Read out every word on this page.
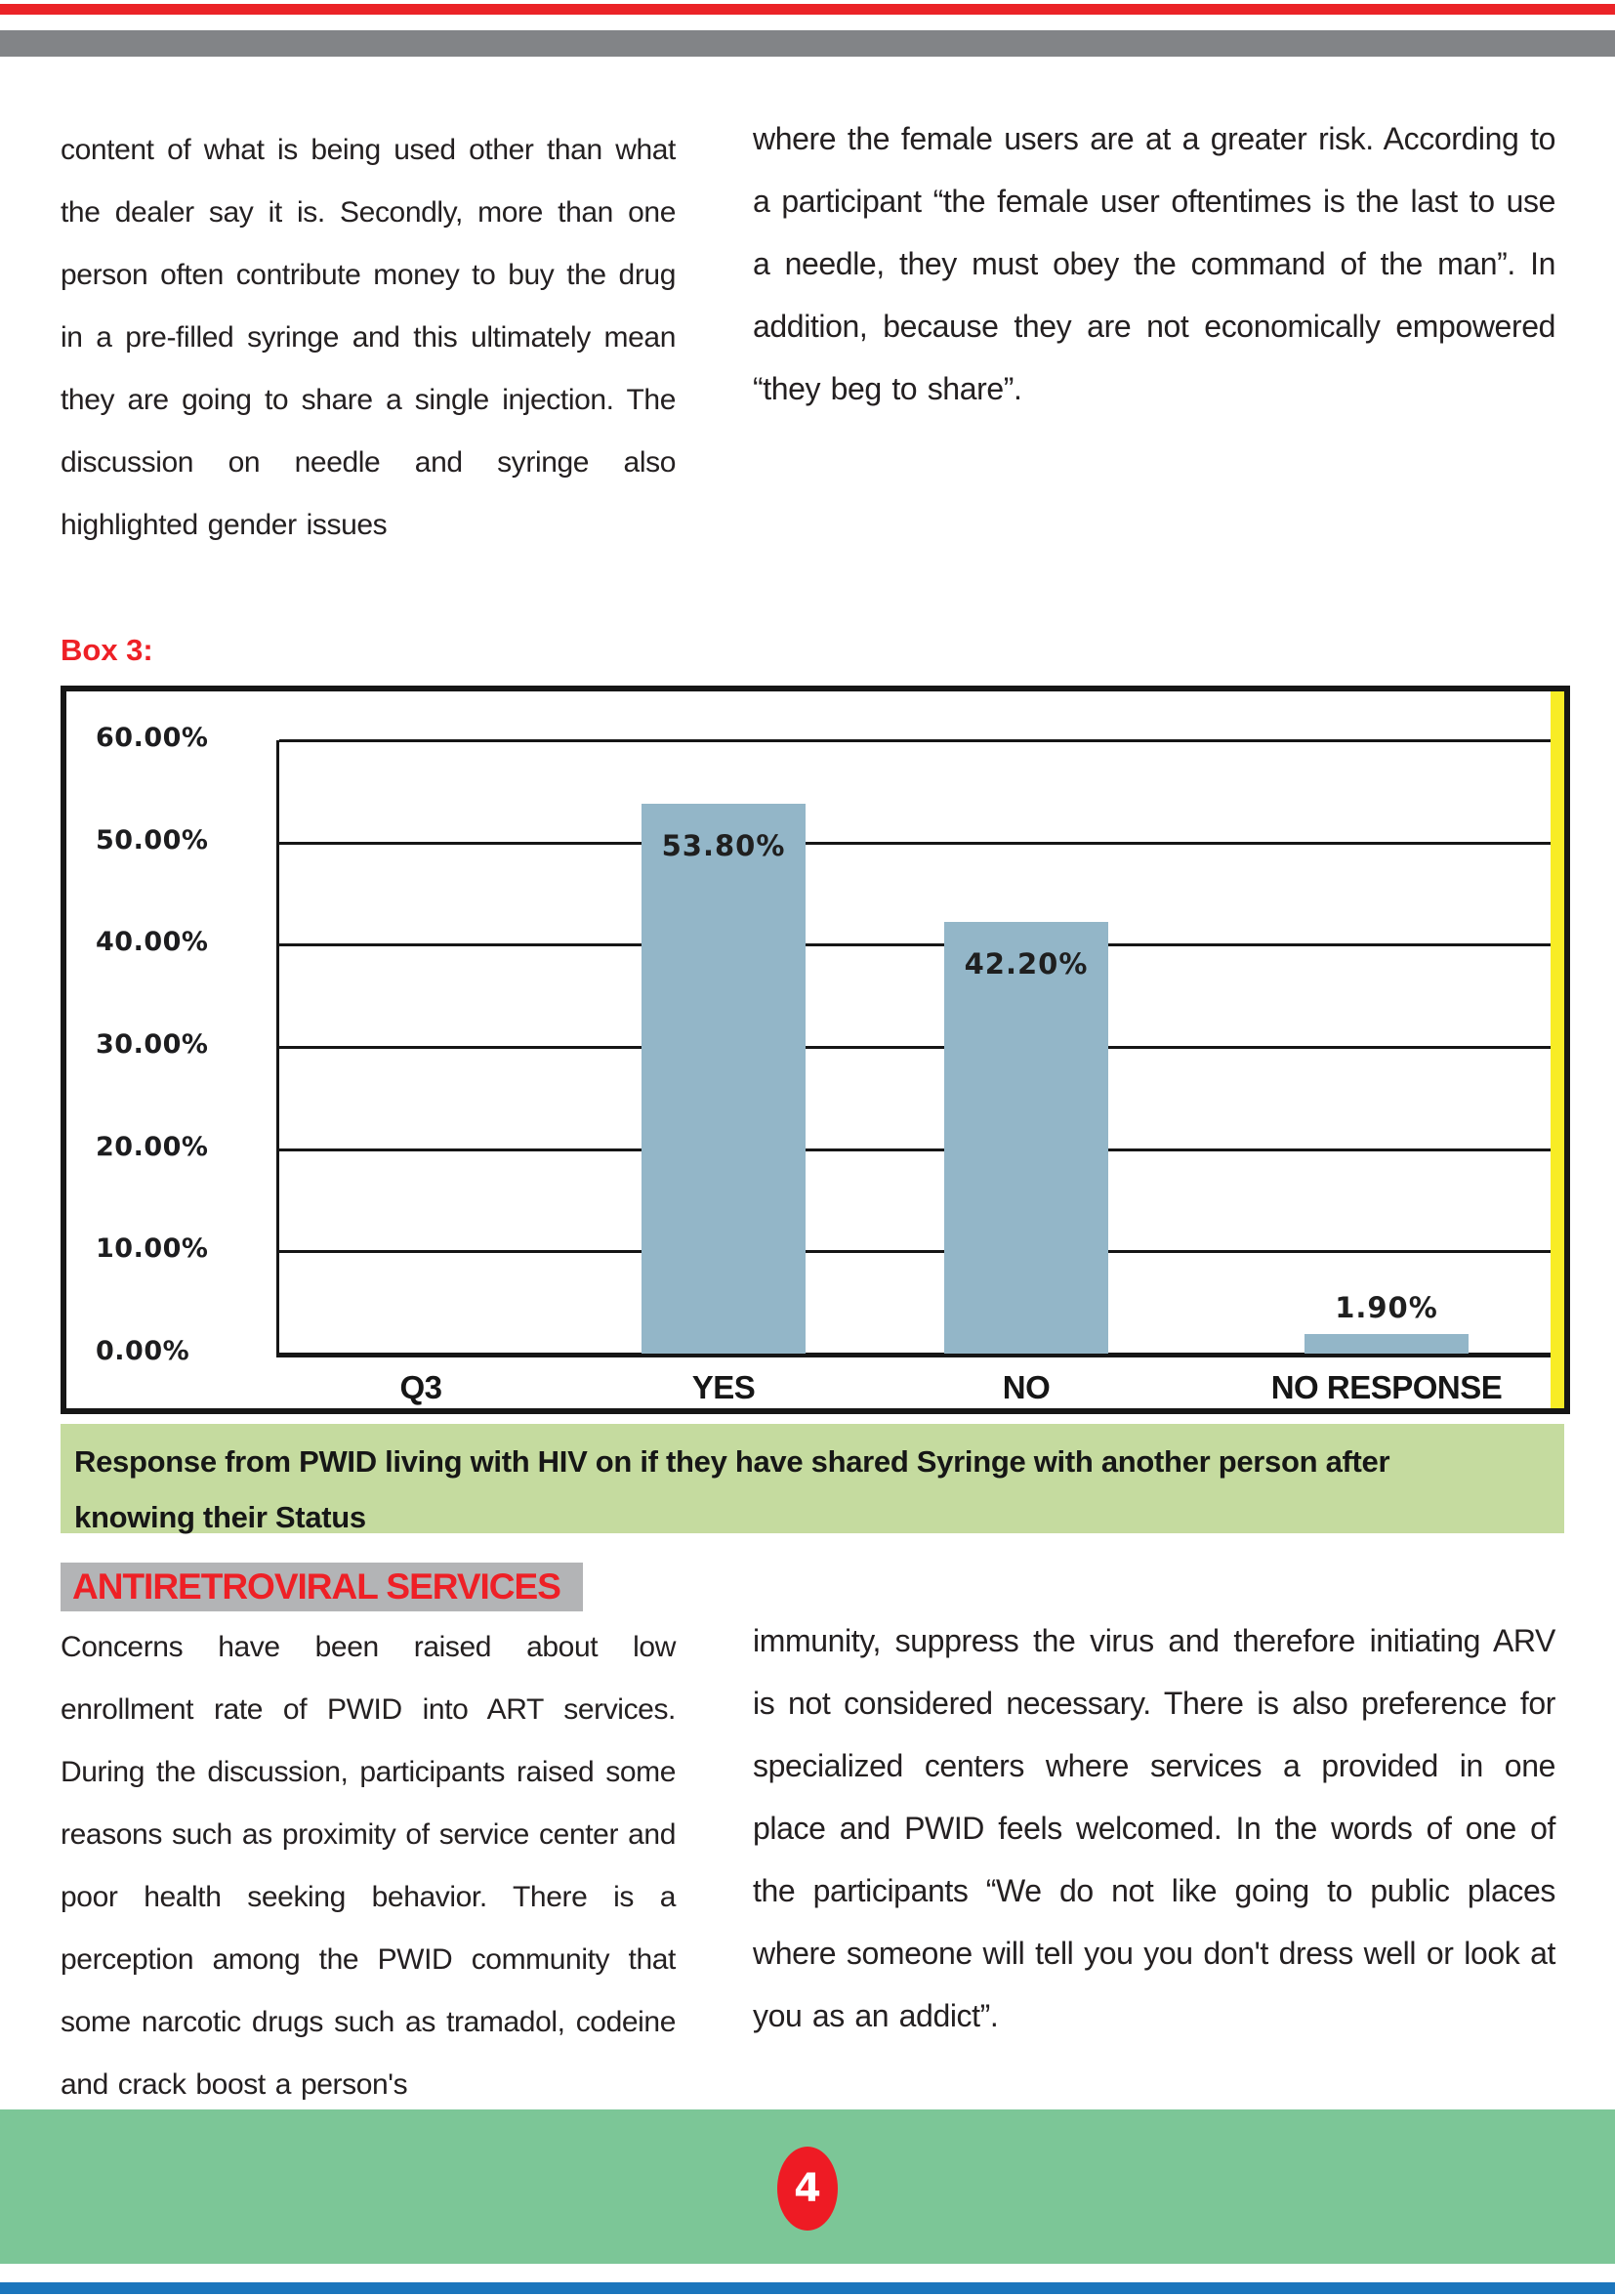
content of what is being used other than what the dealer say it is. Secondly, more than one person often contribute money to buy the drug in a pre-filled syringe and this ultimately mean they are going to share a single injection. The discussion on needle and syringe also highlighted gender issues
where the female users are at a greater risk. According to a participant “the female user oftentimes is the last to use a needle, they must obey the command of the man”. In addition, because they are not economically empowered “they beg to share”.
Box 3:
60.00%
50.00%
40.00%
30.00%
20.00%
10.00%
0.00%
Q3
53.80%
YES
42.20%
NO
1.90%
NO RESPONSE
Response from PWID living with HIV on if they have shared Syringe with another person after knowing their Status
ANTIRETROVIRAL SERVICES
Concerns have been raised about low enrollment rate of PWID into ART services. During the discussion, participants raised some reasons such as proximity of service center and poor health seeking behavior. There is a perception among the PWID community that some narcotic drugs such as tramadol, codeine and crack boost a person's
immunity, suppress the virus and therefore initiating ARV is not considered necessary. There is also preference for specialized centers where services a provided in one place and PWID feels welcomed. In the words of one of the participants “We do not like going to public places where someone will tell you you don't dress well or look at you as an addict”.
4
